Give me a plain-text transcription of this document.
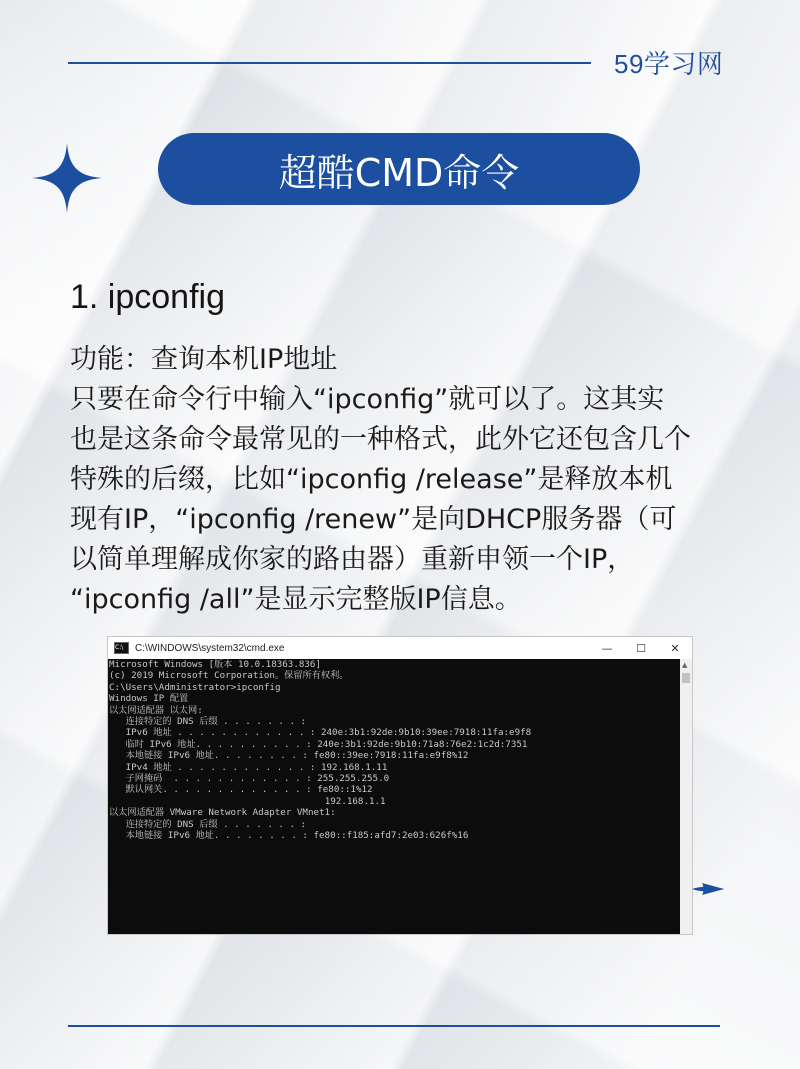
59学习网
超酷CMD命令
1. ipconfig
功能：查询本机IP地址
只要在命令行中输入“ipconfig”就可以了。这其实
也是这条命令最常见的一种格式，此外它还包含几个
特殊的后缀，比如“ipconfig /release”是释放本机
现有IP，“ipconfig /renew”是向DHCP服务器（可
以简单理解成你家的路由器）重新申领一个IP，
“ipconfig /all”是显示完整版IP信息。
C:\	C:\WINDOWS\system32\cmd.exe	—	☐	✕
Microsoft Windows [版本 10.0.18363.836]
(c) 2019 Microsoft Corporation。保留所有权利。
C:\Users\Administrator>ipconfig
Windows IP 配置
以太网适配器 以太网:
连接特定的 DNS 后缀 . . . . . . . :
IPv6 地址 . . . . . . . . . . . . : 240e:3b1:92de:9b10:39ee:7918:11fa:e9f8
临时 IPv6 地址. . . . . . . . . . : 240e:3b1:92de:9b10:71a8:76e2:1c2d:7351
本地链接 IPv6 地址. . . . . . . . : fe80::39ee:7918:11fa:e9f8%12
IPv4 地址 . . . . . . . . . . . . : 192.168.1.11
子网掩码  . . . . . . . . . . . . : 255.255.255.0
默认网关. . . . . . . . . . . . . : fe80::1%12
192.168.1.1
以太网适配器 VMware Network Adapter VMnet1:
连接特定的 DNS 后缀 . . . . . . . :
本地链接 IPv6 地址. . . . . . . . : fe80::f185:afd7:2e03:626f%16
▲
